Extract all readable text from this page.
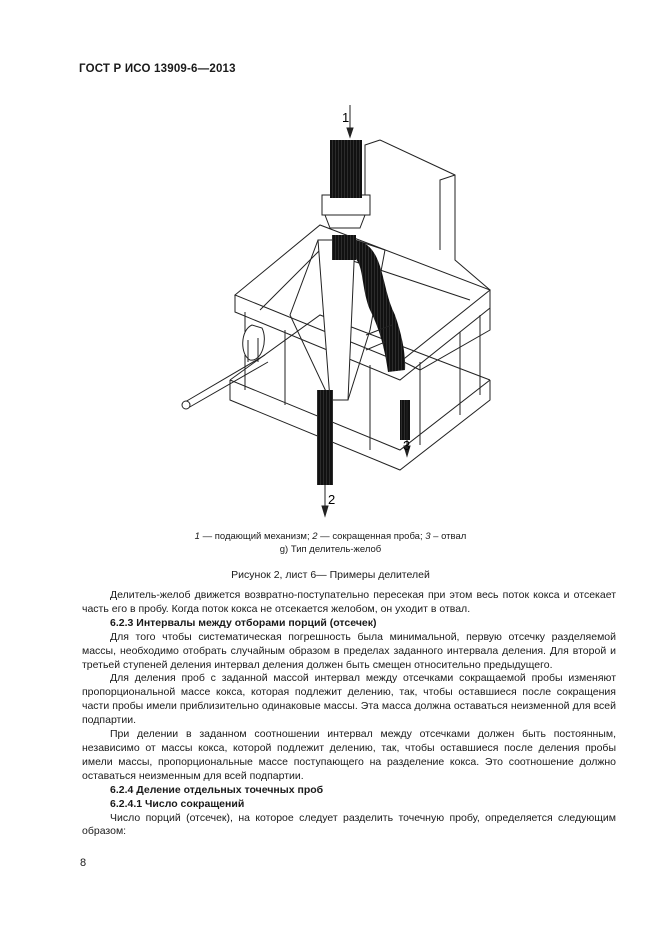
ГОСТ Р ИСО 13909-6—2013
1
2
3
1 — подающий механизм; 2 — сокращенная проба; 3 – отвал
g) Тип делитель-желоб
Рисунок 2, лист 6— Примеры делителей

Делитель-желоб движется возвратно-поступательно пересекая при этом весь поток кокса и отсекает часть его в пробу. Когда поток кокса не отсекается желобом, он уходит в отвал.

6.2.3 Интервалы между отборами порций (отсечек)

Для того чтобы систематическая погрешность была минимальной, первую отсечку разделяемой массы, необходимо отобрать случайным образом в пределах заданного интервала деления. Для второй и третьей ступеней деления интервал деления должен быть смещен относительно предыдущего.

Для деления проб с заданной массой интервал между отсечками сокращаемой пробы изменяют пропорциональной массе кокса, которая подлежит делению, так, чтобы оставшиеся после сокращения части пробы имели приблизительно одинаковые массы. Эта масса должна оставаться неизменной для всей подпартии.

При делении в заданном соотношении интервал между отсечками должен быть постоянным, независимо от массы кокса, которой подлежит делению, так, чтобы оставшиеся после деления пробы имели массы, пропорциональные массе поступающего на разделение кокса. Это соотношение должно оставаться неизменным для всей подпартии.

6.2.4 Деление отдельных точечных проб

6.2.4.1 Число сокращений

Число порций (отсечек), на которое следует разделить точечную пробу, определяется следующим образом:

8
